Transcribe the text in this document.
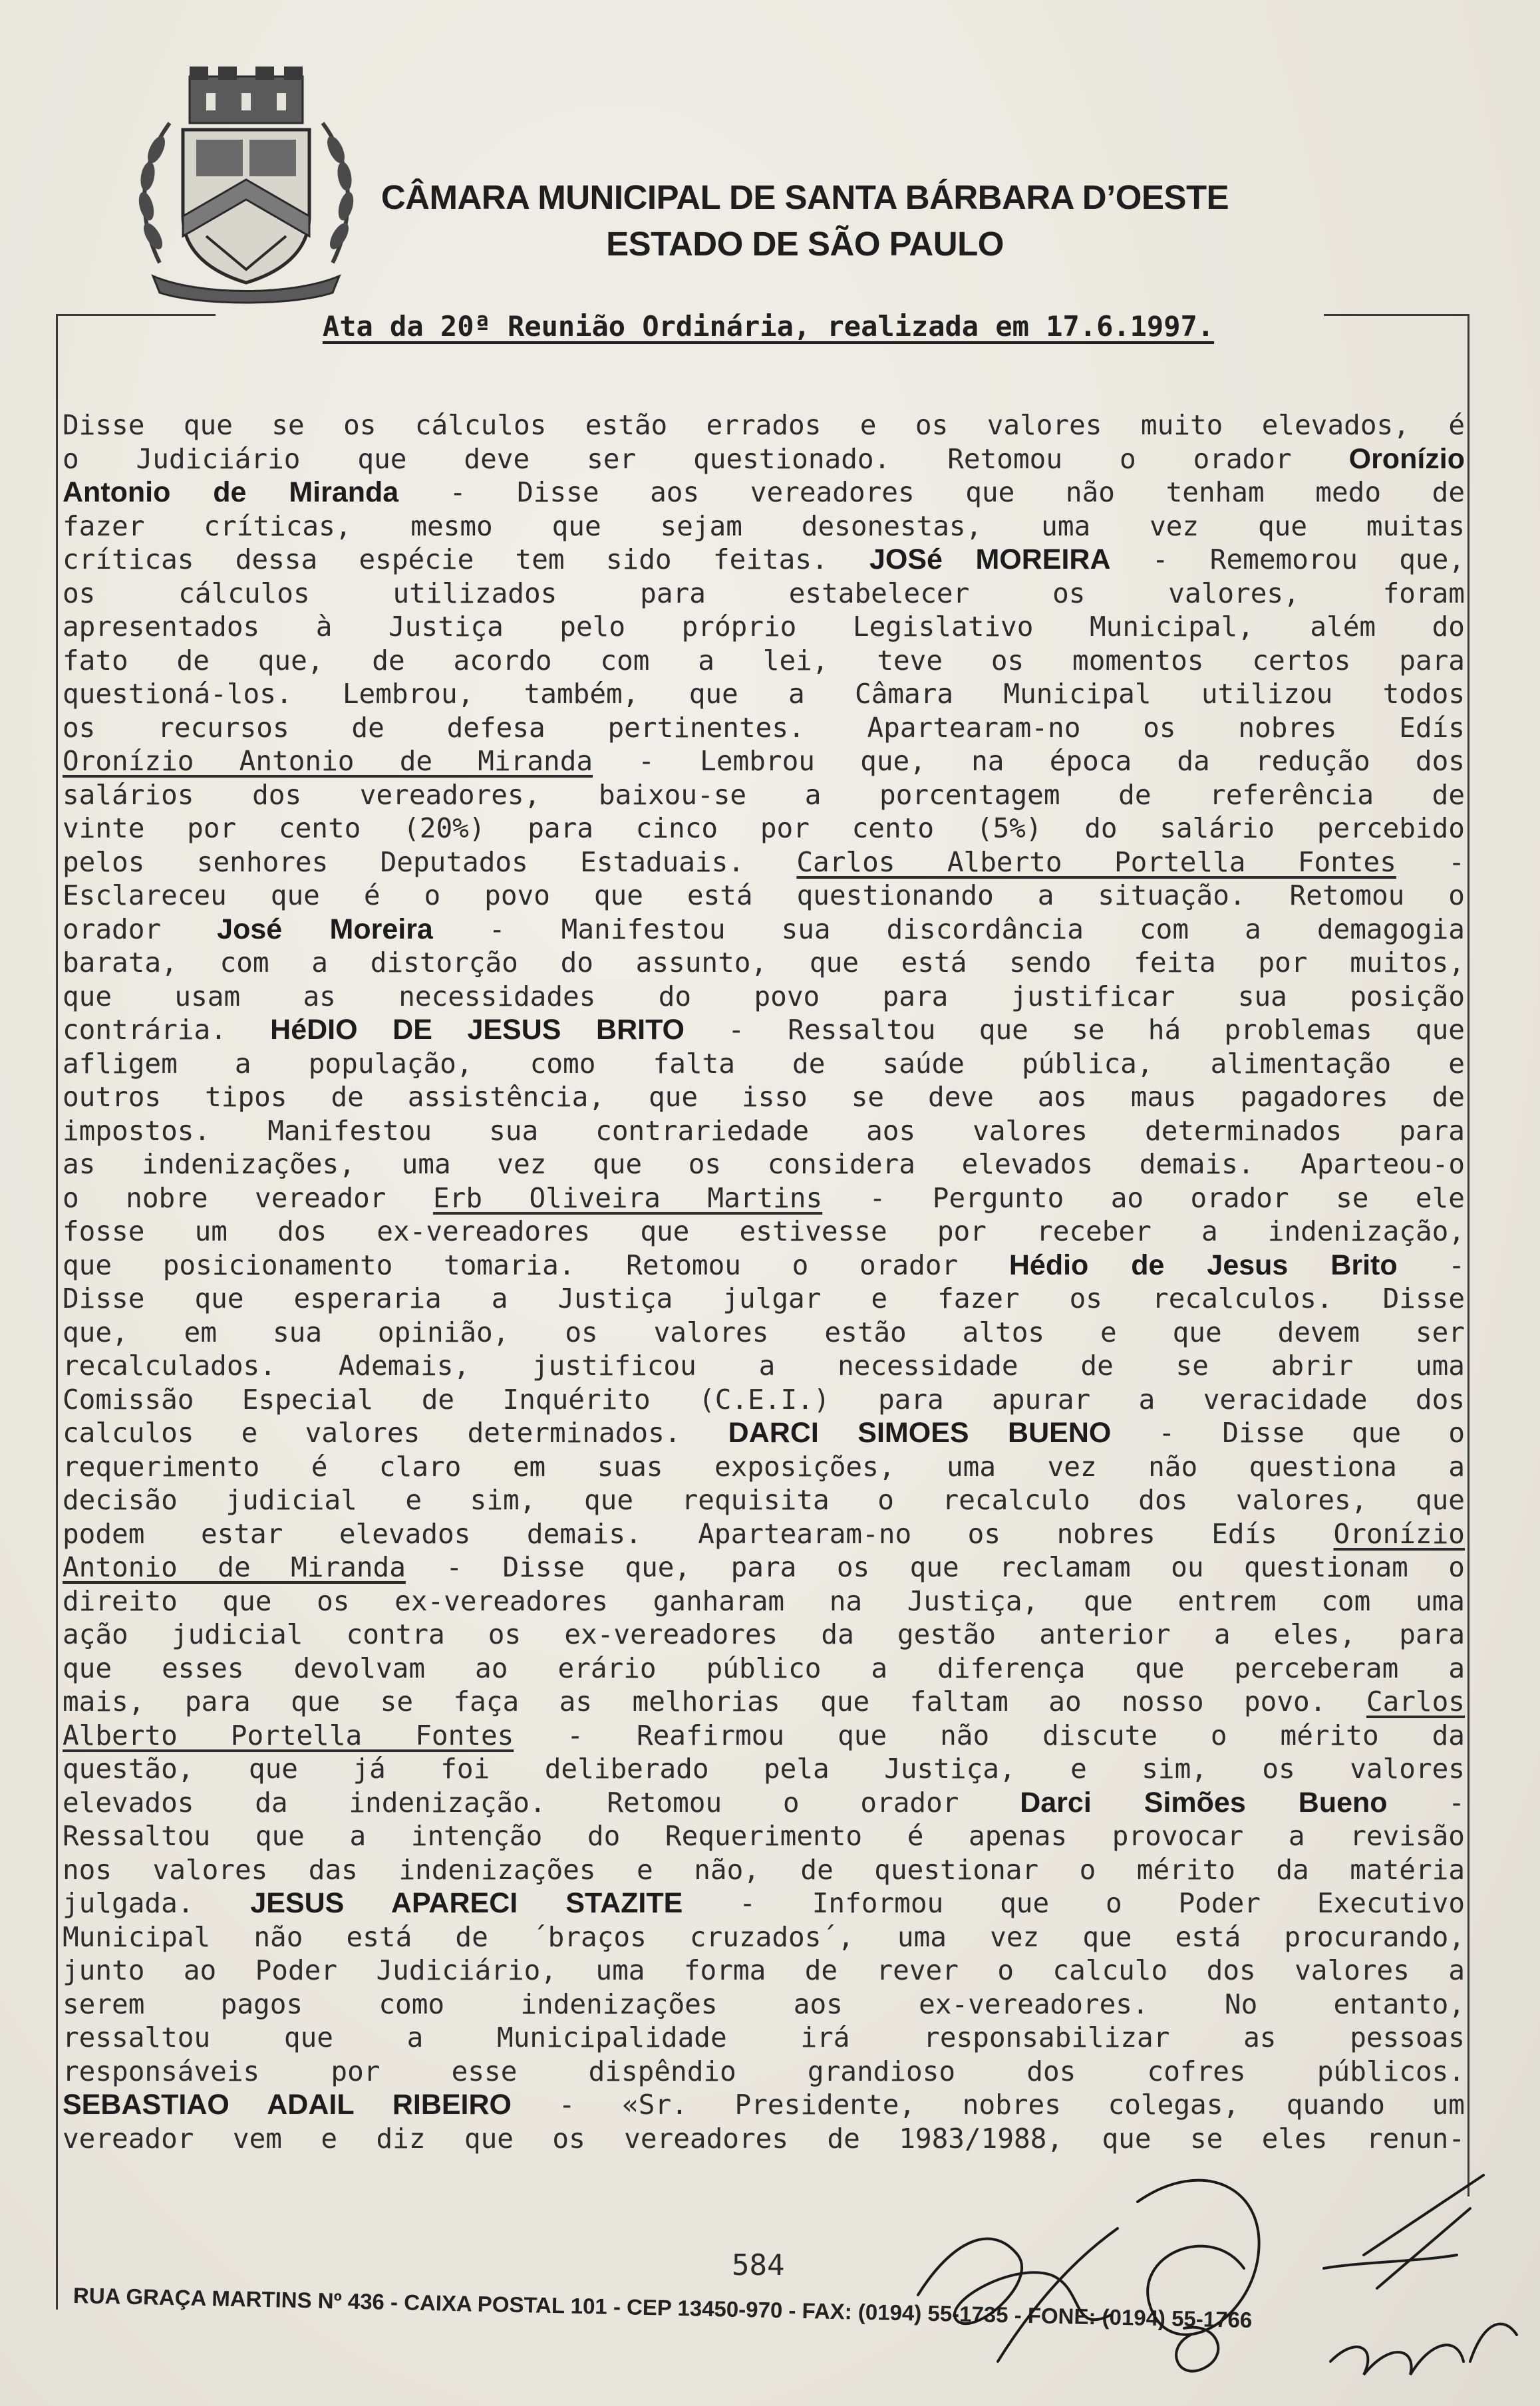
CÂMARA MUNICIPAL DE SANTA BÁRBARA D’OESTE
ESTADO DE SÃO PAULO
Ata da 20ª Reunião Ordinária, realizada em 17.6.1997.
Disse que se os cálculos estão errados e os valores muito elevados, é
o Judiciário que deve ser questionado. Retomou o orador Oronízio
Antonio de Miranda - Disse aos vereadores que não tenham medo de
fazer críticas, mesmo que sejam desonestas, uma vez que muitas
críticas dessa espécie tem sido feitas. JOSé MOREIRA - Rememorou que,
os cálculos utilizados para estabelecer os valores, foram
apresentados à Justiça pelo próprio Legislativo Municipal, além do
fato de que, de acordo com a lei, teve os momentos certos para
questioná-los. Lembrou, também, que a Câmara Municipal utilizou todos
os recursos de defesa pertinentes. Apartearam-no os nobres Edís
Oronízio Antonio de Miranda - Lembrou que, na época da redução dos
salários dos vereadores, baixou-se a porcentagem de referência de
vinte por cento (20%) para cinco por cento (5%) do salário percebido
pelos senhores Deputados Estaduais. Carlos Alberto Portella Fontes -
Esclareceu que é o povo que está questionando a situação. Retomou o
orador José Moreira - Manifestou sua discordância com a demagogia
barata, com a distorção do assunto, que está sendo feita por muitos,
que usam as necessidades do povo para justificar sua posição
contrária. HéDIO DE JESUS BRITO - Ressaltou que se há problemas que
afligem a população, como falta de saúde pública, alimentação e
outros tipos de assistência, que isso se deve aos maus pagadores de
impostos. Manifestou sua contrariedade aos valores determinados para
as indenizações, uma vez que os considera elevados demais. Aparteou-o
o nobre vereador Erb Oliveira Martins - Pergunto ao orador se ele
fosse um dos ex-vereadores que estivesse por receber a indenização,
que posicionamento tomaria. Retomou o orador Hédio de Jesus Brito -
Disse que esperaria a Justiça julgar e fazer os recalculos. Disse
que, em sua opinião, os valores estão altos e que devem ser
recalculados. Ademais, justificou a necessidade de se abrir uma
Comissão Especial de Inquérito (C.E.I.) para apurar a veracidade dos
calculos e valores determinados. DARCI SIMOES BUENO - Disse que o
requerimento é claro em suas exposições, uma vez não questiona a
decisão judicial e sim, que requisita o recalculo dos valores, que
podem estar elevados demais. Apartearam-no os nobres Edís Oronízio
Antonio de Miranda - Disse que, para os que reclamam ou questionam o
direito que os ex-vereadores ganharam na Justiça, que entrem com uma
ação judicial contra os ex-vereadores da gestão anterior a eles, para
que esses devolvam ao erário público a diferença que perceberam a
mais, para que se faça as melhorias que faltam ao nosso povo. Carlos
Alberto Portella Fontes - Reafirmou que não discute o mérito da
questão, que já foi deliberado pela Justiça, e sim, os valores
elevados da indenização. Retomou o orador Darci Simões Bueno -
Ressaltou que a intenção do Requerimento é apenas provocar a revisão
nos valores das indenizações e não, de questionar o mérito da matéria
julgada. JESUS APARECI STAZITE - Informou que o Poder Executivo
Municipal não está de ´braços cruzados´, uma vez que está procurando,
junto ao Poder Judiciário, uma forma de rever o calculo dos valores a
serem pagos como indenizações aos ex-vereadores. No entanto,
ressaltou que a Municipalidade irá responsabilizar as pessoas
responsáveis por esse dispêndio grandioso dos cofres públicos.
SEBASTIAO ADAIL RIBEIRO - «Sr. Presidente, nobres colegas, quando um
vereador vem e diz que os vereadores de 1983/1988, que se eles renun-
584
RUA GRAÇA MARTINS Nº 436 - CAIXA POSTAL 101 - CEP 13450-970 - FAX: (0194) 55-1735 - FONE: (0194) 55-1766
